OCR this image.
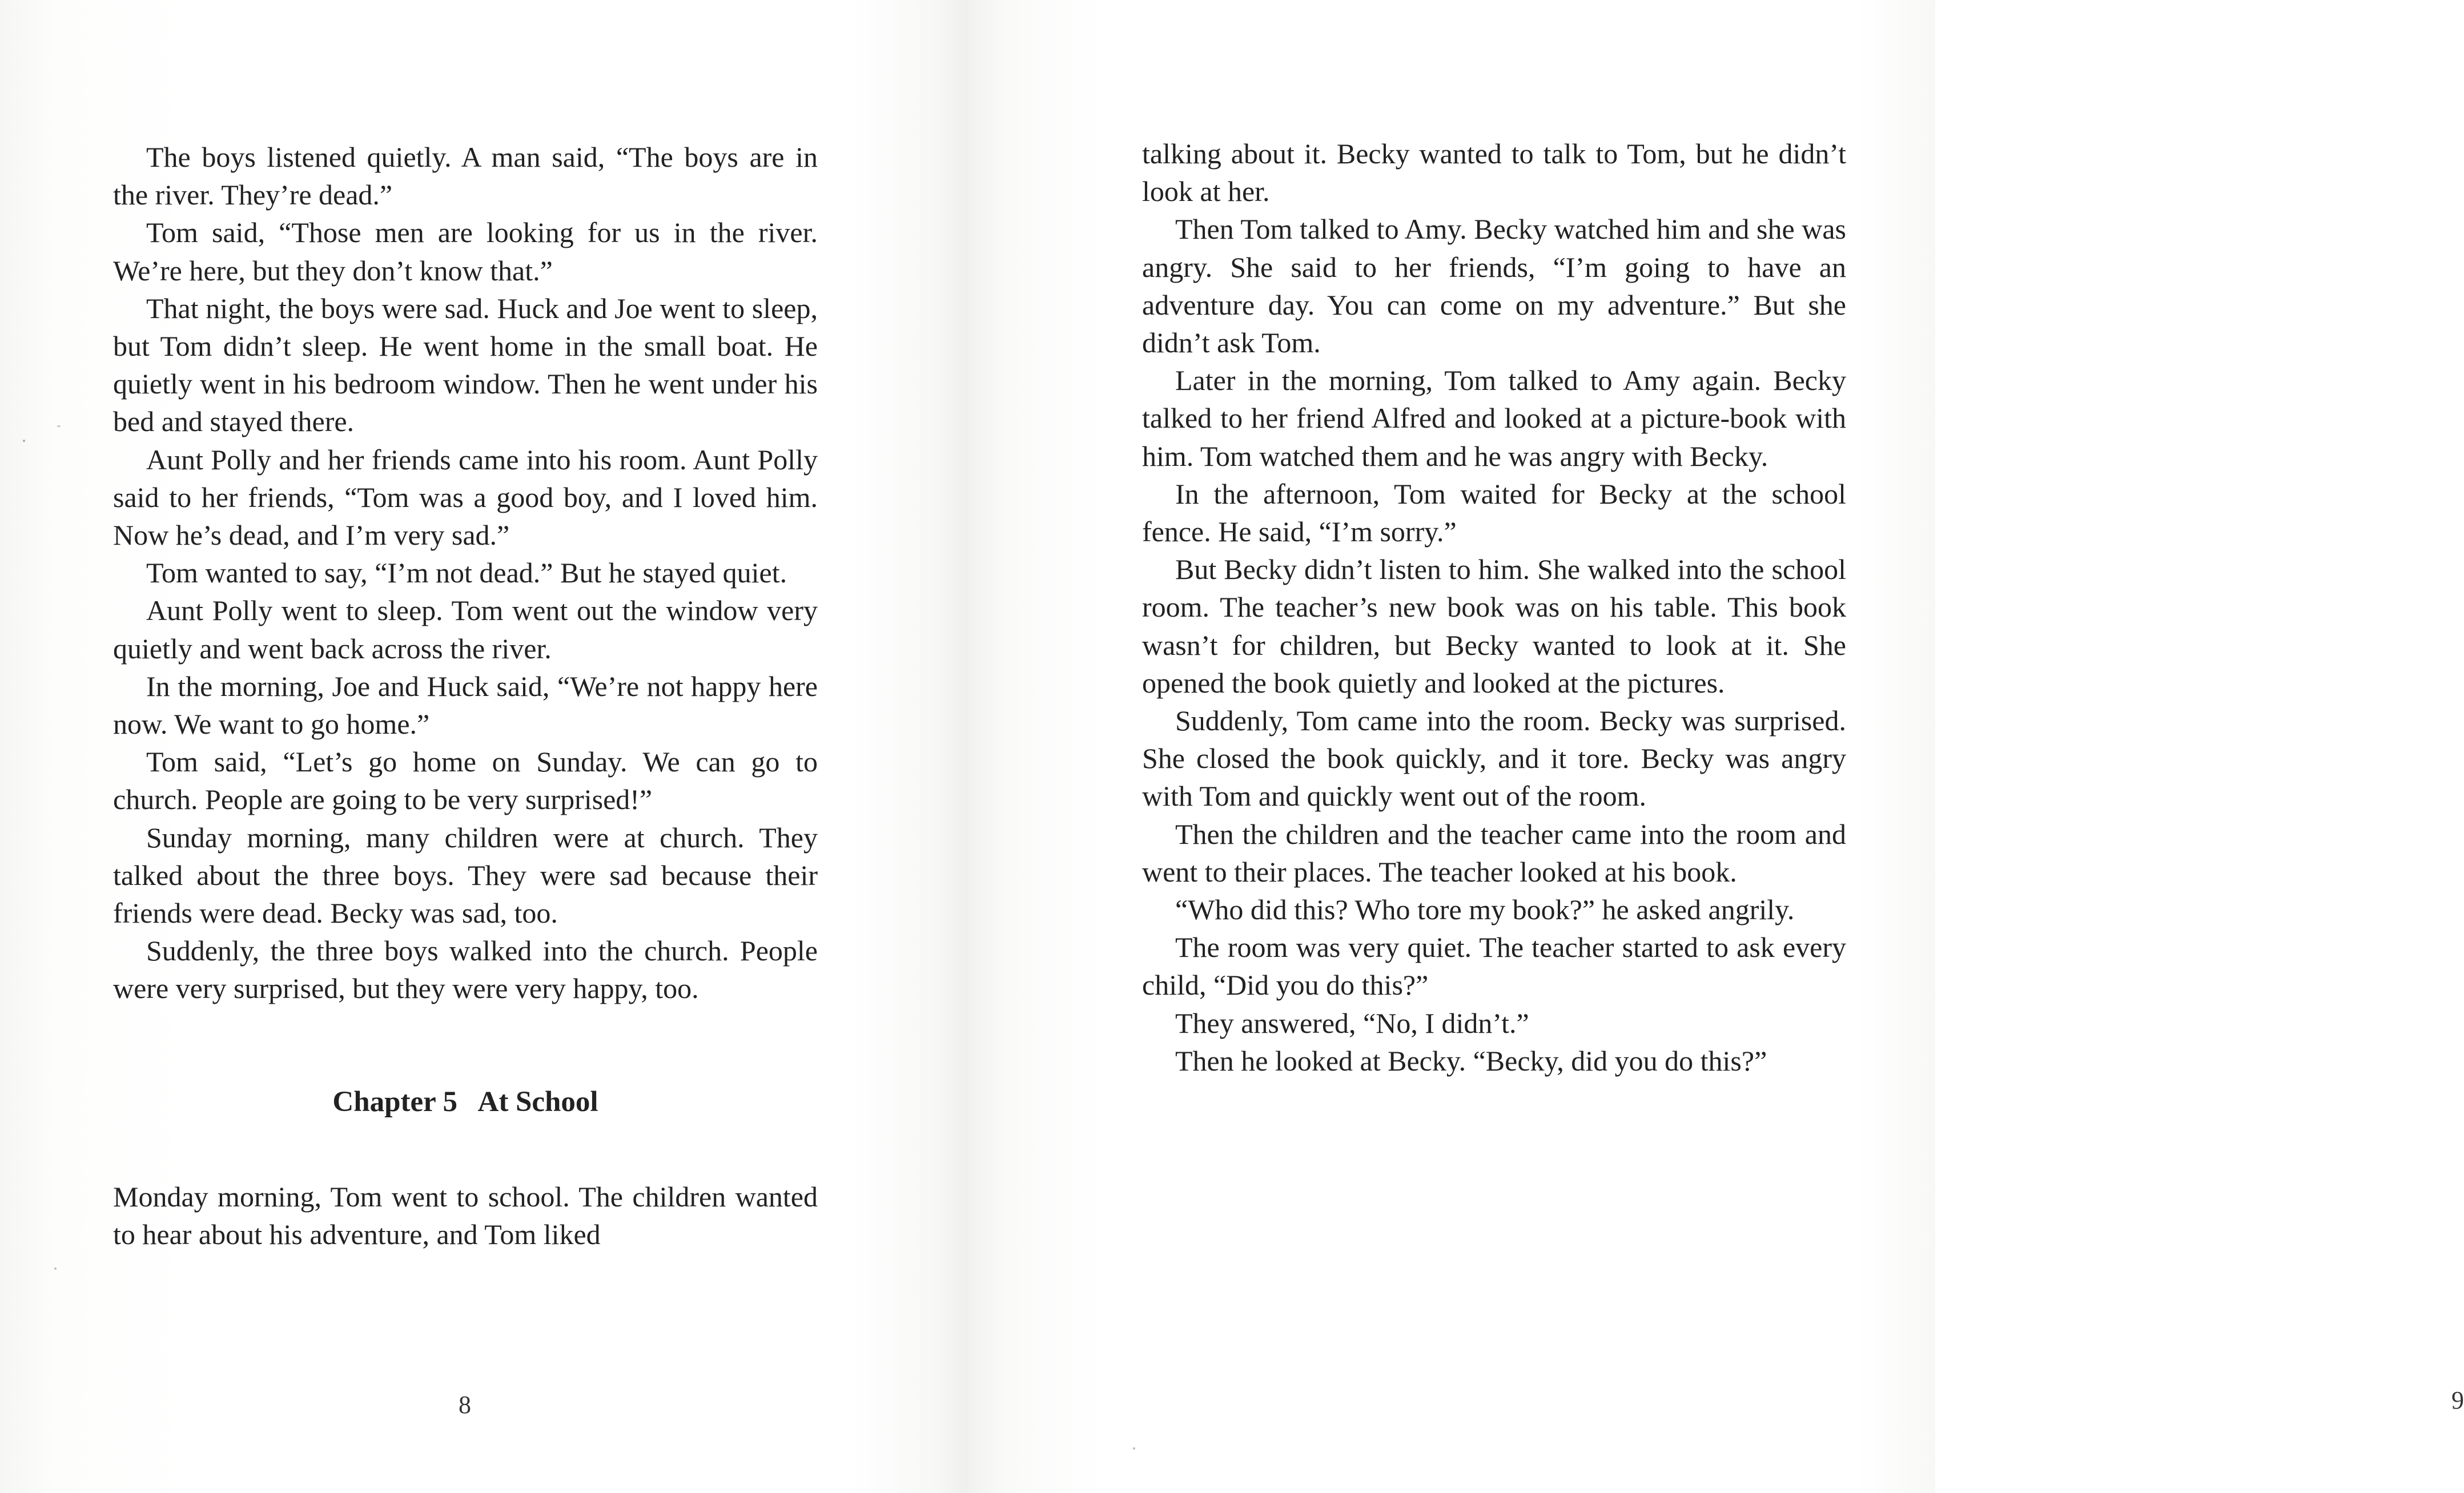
The boys listened quietly. A man said, “The boys are in the river. They’re dead.”

Tom said, “Those men are looking for us in the river. We’re here, but they don’t know that.”

That night, the boys were sad. Huck and Joe went to sleep, but Tom didn’t sleep. He went home in the small boat. He quietly went in his bedroom window. Then he went under his bed and stayed there.

Aunt Polly and her friends came into his room. Aunt Polly said to her friends, “Tom was a good boy, and I loved him. Now he’s dead, and I’m very sad.”

Tom wanted to say, “I’m not dead.” But he stayed quiet.

Aunt Polly went to sleep. Tom went out the window very quietly and went back across the river.

In the morning, Joe and Huck said, “We’re not happy here now. We want to go home.”

Tom said, “Let’s go home on Sunday. We can go to church. People are going to be very surprised!”

Sunday morning, many children were at church. They talked about the three boys. They were sad because their friends were dead. Becky was sad, too.

Suddenly, the three boys walked into the church. People were very surprised, but they were very happy, too.

Chapter 5   At School

Monday morning, Tom went to school. The children wanted to hear about his adventure, and Tom liked

8

talking about it. Becky wanted to talk to Tom, but he didn’t look at her.

Then Tom talked to Amy. Becky watched him and she was angry. She said to her friends, “I’m going to have an adventure day. You can come on my adventure.” But she didn’t ask Tom.

Later in the morning, Tom talked to Amy again. Becky talked to her friend Alfred and looked at a picture-book with him. Tom watched them and he was angry with Becky.

In the afternoon, Tom waited for Becky at the school fence. He said, “I’m sorry.”

But Becky didn’t listen to him. She walked into the school room. The teacher’s new book was on his table. This book wasn’t for children, but Becky wanted to look at it. She opened the book quietly and looked at the pictures.

Suddenly, Tom came into the room. Becky was surprised. She closed the book quickly, and it tore. Becky was angry with Tom and quickly went out of the room.

Then the children and the teacher came into the room and went to their places. The teacher looked at his book.

“Who did this? Who tore my book?” he asked angrily.

The room was very quiet. The teacher started to ask every child, “Did you do this?”

They answered, “No, I didn’t.”

Then he looked at Becky. “Becky, did you do this?”

9
